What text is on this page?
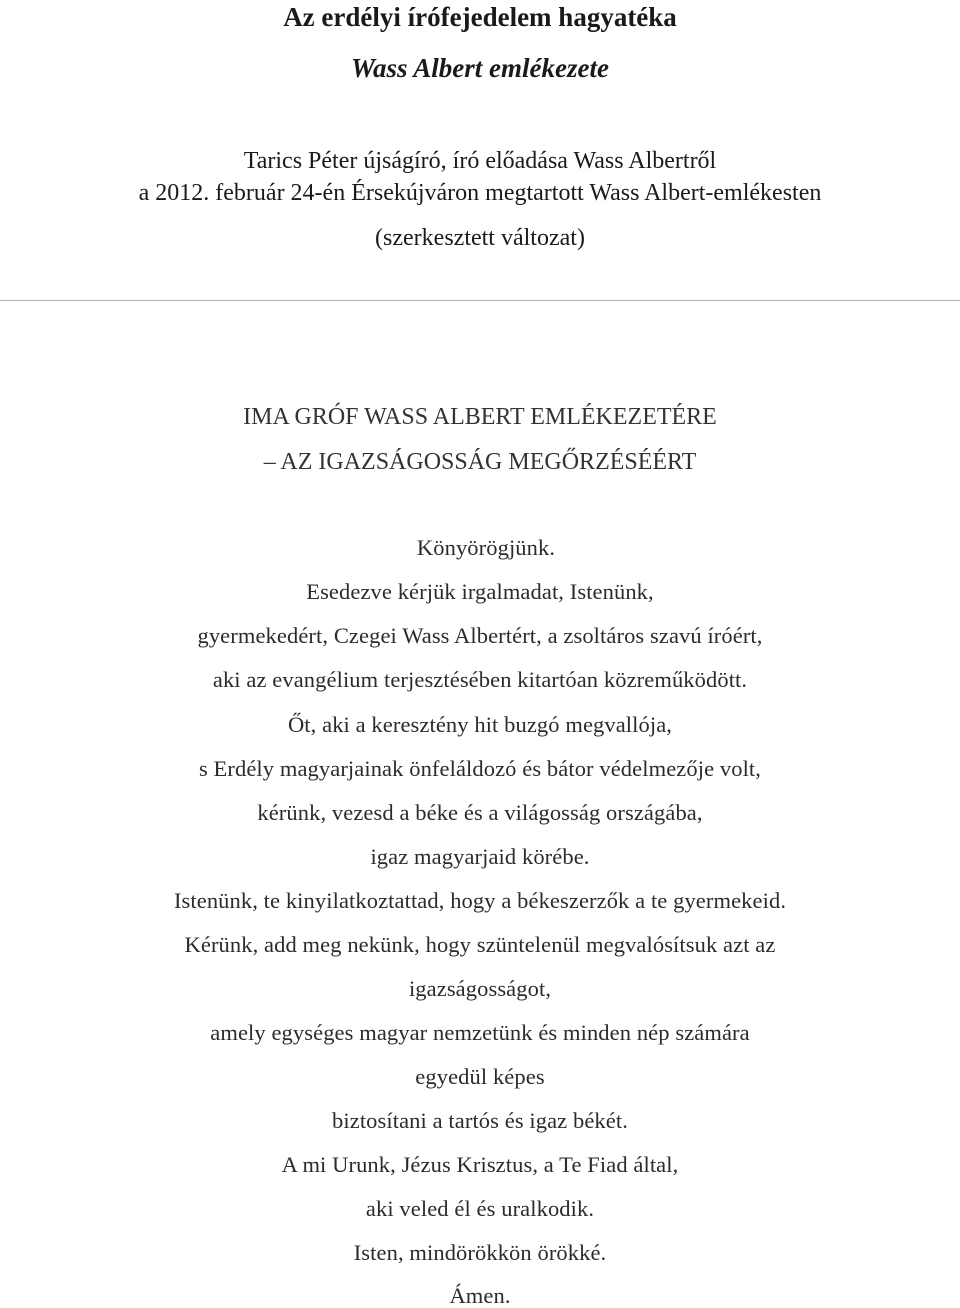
Az erdélyi írófejedelem hagyatéka
Wass Albert emlékezete
Tarics Péter újságíró, író előadása Wass Albertről
a 2012. február 24-én Érsekújváron megtartott Wass Albert-emlékesten
(szerkesztett változat)
IMA GRÓF WASS ALBERT EMLÉKEZETÉRE
– AZ IGAZSÁGOSSÁG MEGŐRZÉSÉÉRT
Könyörögjünk.
Esedezve kérjük irgalmadat, Istenünk,
gyermekedért, Czegei Wass Albertért, a zsoltáros szavú íróért,
aki az evangélium terjesztésében kitartóan közreműködött.
Őt, aki a keresztény hit buzgó megvallója,
s Erdély magyarjainak önfeláldozó és bátor védelmezője volt,
kérünk, vezesd a béke és a világosság országába,
igaz magyarjaid körébe.
Istenünk, te kinyilatkoztattad, hogy a békeszerzők a te gyermekeid.
Kérünk, add meg nekünk, hogy szüntelenül megvalósítsuk azt az
igazságosságot,
amely egységes magyar nemzetünk és minden nép számára
egyedül képes
biztosítani a tartós és igaz békét.
A mi Urunk, Jézus Krisztus, a Te Fiad által,
aki veled él és uralkodik.
Isten, mindörökkön örökké.
Ámen.
